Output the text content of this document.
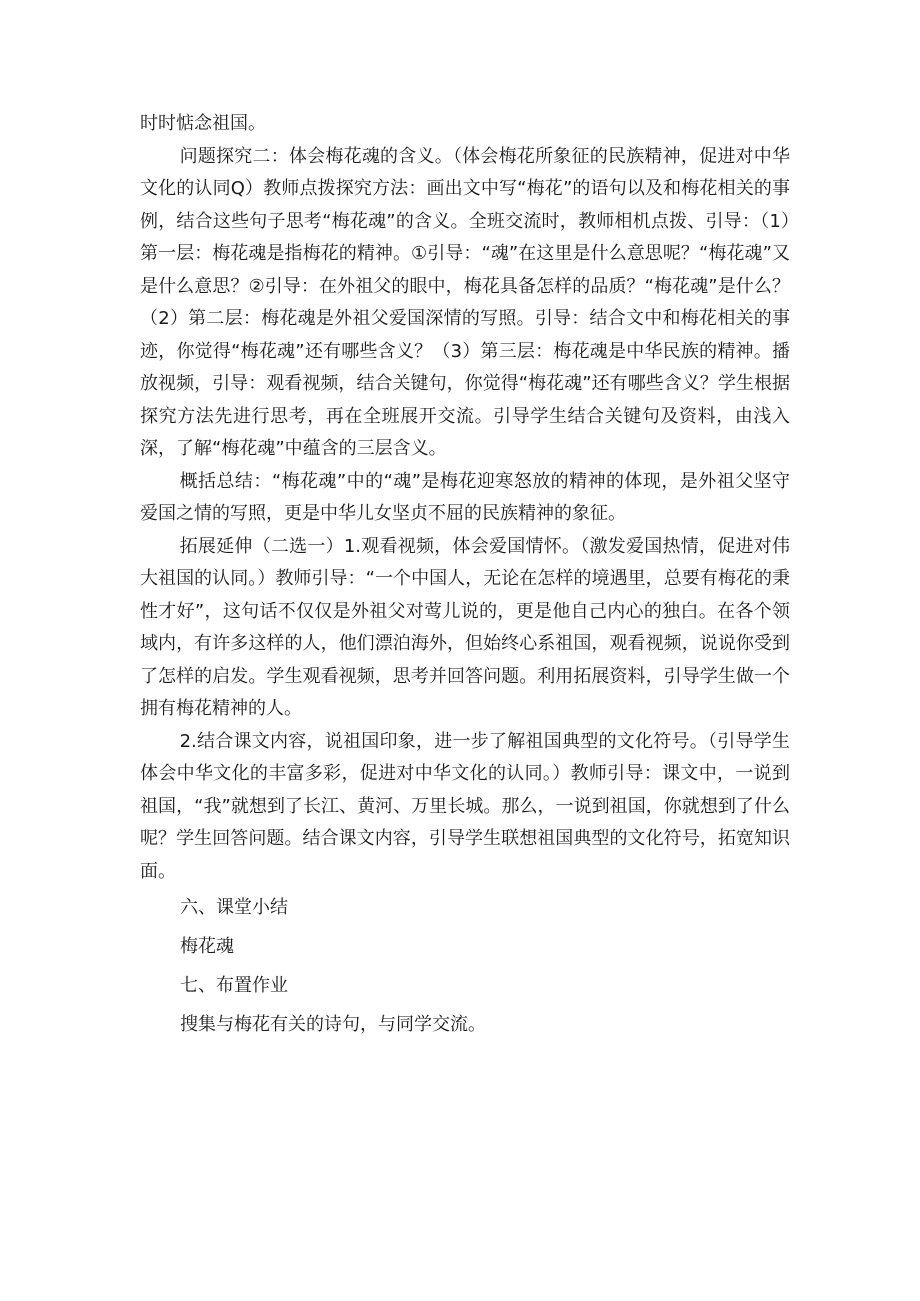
时时惦念祖国。

问题探究二：体会梅花魂的含义。（体会梅花所象征的民族精神，促进对中华文化的认同Q）教师点拨探究方法：画出文中写“梅花”的语句以及和梅花相关的事例，结合这些句子思考“梅花魂”的含义。全班交流时，教师相机点拨、引导：（1）第一层：梅花魂是指梅花的精神。①引导：“魂”在这里是什么意思呢？“梅花魂”又是什么意思？②引导：在外祖父的眼中，梅花具备怎样的品质？“梅花魂”是什么？（2）第二层：梅花魂是外祖父爱国深情的写照。引导：结合文中和梅花相关的事迹，你觉得“梅花魂”还有哪些含义？（3）第三层：梅花魂是中华民族的精神。播放视频，引导：观看视频，结合关键句，你觉得“梅花魂”还有哪些含义？学生根据探究方法先进行思考，再在全班展开交流。引导学生结合关键句及资料，由浅入深，了解“梅花魂”中蕴含的三层含义。

概括总结：“梅花魂”中的“魂”是梅花迎寒怒放的精神的体现，是外祖父坚守爱国之情的写照，更是中华儿女坚贞不屈的民族精神的象征。

拓展延伸（二选一）1.观看视频，体会爱国情怀。（激发爱国热情，促进对伟大祖国的认同。）教师引导：“一个中国人，无论在怎样的境遇里，总要有梅花的秉性才好”，这句话不仅仅是外祖父对莺儿说的，更是他自己内心的独白。在各个领域内，有许多这样的人，他们漂泊海外，但始终心系祖国，观看视频，说说你受到了怎样的启发。学生观看视频，思考并回答问题。利用拓展资料，引导学生做一个拥有梅花精神的人。

2.结合课文内容，说祖国印象，进一步了解祖国典型的文化符号。（引导学生体会中华文化的丰富多彩，促进对中华文化的认同。）教师引导：课文中，一说到祖国，“我”就想到了长江、黄河、万里长城。那么，一说到祖国，你就想到了什么呢？学生回答问题。结合课文内容，引导学生联想祖国典型的文化符号，拓宽知识面。

六、课堂小结

梅花魂

七、布置作业

搜集与梅花有关的诗句，与同学交流。
